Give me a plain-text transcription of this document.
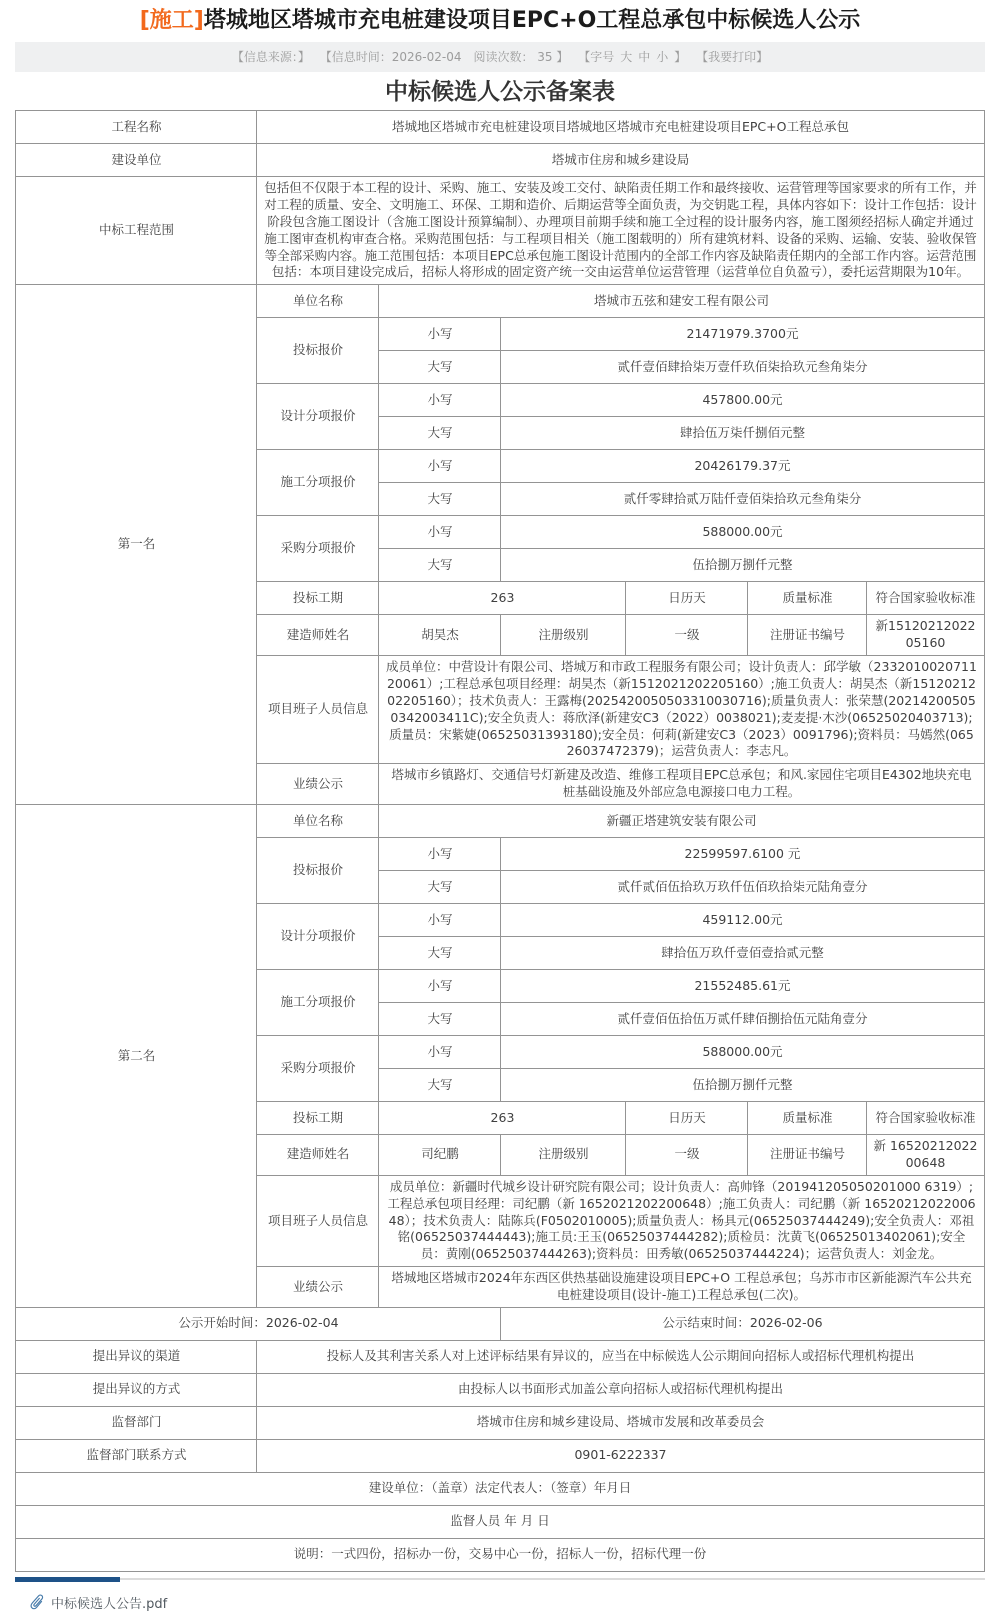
[施工]塔城地区塔城市充电桩建设项目EPC+O工程总承包中标候选人公示
【信息来源：】 【信息时间：2026-02-04　阅读次数： 35 】 【字号 大 中 小 】 【我要打印】
中标候选人公示备案表
工程名称	塔城地区塔城市充电桩建设项目塔城地区塔城市充电桩建设项目EPC+O工程总承包					
建设单位	塔城市住房和城乡建设局					
中标工程范围	包括但不仅限于本工程的设计、采购、施工、安装及竣工交付、缺陷责任期工作和最终接收、运营管理等国家要求的所有工作，并对工程的质量、安全、文明施工、环保、工期和造价、后期运营等全面负责，为交钥匙工程，具体内容如下：设计工作包括：设计阶段包含施工图设计（含施工图设计预算编制）、办理项目前期手续和施工全过程的设计服务内容，施工图须经招标人确定并通过施工图审查机构审查合格。采购范围包括：与工程项目相关（施工图载明的）所有建筑材料、设备的采购、运输、安装、验收保管等全部采购内容。施工范围包括：本项目EPC总承包施工图设计范围内的全部工作内容及缺陷责任期内的全部工作内容。运营范围包括：本项目建设完成后，招标人将形成的固定资产统一交由运营单位运营管理（运营单位自负盈亏），委托运营期限为10年。					
第一名	单位名称	塔城市五弦和建安工程有限公司				
	投标报价	小写	21471979.3700元			
		大写	贰仟壹佰肆拾柒万壹仟玖佰柒拾玖元叁角柒分			
	设计分项报价	小写	457800.00元			
		大写	肆拾伍万柒仟捌佰元整			
	施工分项报价	小写	20426179.37元			
		大写	贰仟零肆拾贰万陆仟壹佰柒拾玖元叁角柒分			
	采购分项报价	小写	588000.00元			
		大写	伍拾捌万捌仟元整			
	投标工期	263		日历天	质量标准	符合国家验收标准
	建造师姓名	胡昊杰	注册级别	一级	注册证书编号	新1512021202205160
	项目班子人员信息	成员单位：中营设计有限公司、塔城万和市政工程服务有限公司；设计负责人：邱学敏（233201002071120061）;工程总承包项目经理：胡昊杰（新1512021202205160）;施工负责人：胡昊杰（新1512021202205160）；技术负责人：王露梅(2025420050503310030716);质量负责人：张荣慧(202142005050342003411C);安全负责人：蒋欣泽(新建安C3（2022）0038021);麦麦提·木沙(06525020403713);质量员：宋紫婕(06525031393180);安全员：何莉(新建安C3（2023）0091796);资料员：马嫣然(06526037472379)；运营负责人：李志凡。				
	业绩公示	塔城市乡镇路灯、交通信号灯新建及改造、维修工程项目EPC总承包；和风.家园住宅项目E4302地块充电桩基础设施及外部应急电源接口电力工程。				
第二名	单位名称	新疆正塔建筑安装有限公司				
	投标报价	小写	22599597.6100 元			
		大写	贰仟贰佰伍拾玖万玖仟伍佰玖拾柒元陆角壹分			
	设计分项报价	小写	459112.00元			
		大写	肆拾伍万玖仟壹佰壹拾贰元整			
	施工分项报价	小写	21552485.61元			
		大写	贰仟壹佰伍拾伍万贰仟肆佰捌拾伍元陆角壹分			
	采购分项报价	小写	588000.00元			
		大写	伍拾捌万捌仟元整			
	投标工期	263		日历天	质量标准	符合国家验收标准
	建造师姓名	司纪鹏	注册级别	一级	注册证书编号	新 1652021202200648
	项目班子人员信息	成员单位：新疆时代城乡设计研究院有限公司；设计负责人：高帅锋（201941205050201000 6319）;工程总承包项目经理：司纪鹏（新 1652021202200648）;施工负责人：司纪鹏（新 1652021202200648）；技术负责人：陆陈兵(F0502010005);质量负责人：杨具元(06525037444249);安全负责人：邓祖铭(06525037444443);施工员:王玉(06525037444282);质检员：沈黄飞(06525013402061);安全员：黄刚(06525037444263);资料员：田秀敏(06525037444224)；运营负责人：刘金龙。				
	业绩公示	塔城地区塔城市2024年东西区供热基础设施建设项目EPC+O 工程总承包；乌苏市市区新能源汽车公共充电桩建设项目(设计-施工)工程总承包(二次)。				
公示开始时间：2026-02-04			公示结束时间：2026-02-06			
提出异议的渠道	投标人及其利害关系人对上述评标结果有异议的，应当在中标候选人公示期间向招标人或招标代理机构提出					
提出异议的方式	由投标人以书面形式加盖公章向招标人或招标代理机构提出					
监督部门	塔城市住房和城乡建设局、塔城市发展和改革委员会					
监督部门联系方式	0901-6222337					
建设单位：（盖章）法定代表人：（签章）年月日						
监督人员 年 月 日						
说明：一式四份，招标办一份，交易中心一份，招标人一份，招标代理一份						
中标候选人公告.pdf
